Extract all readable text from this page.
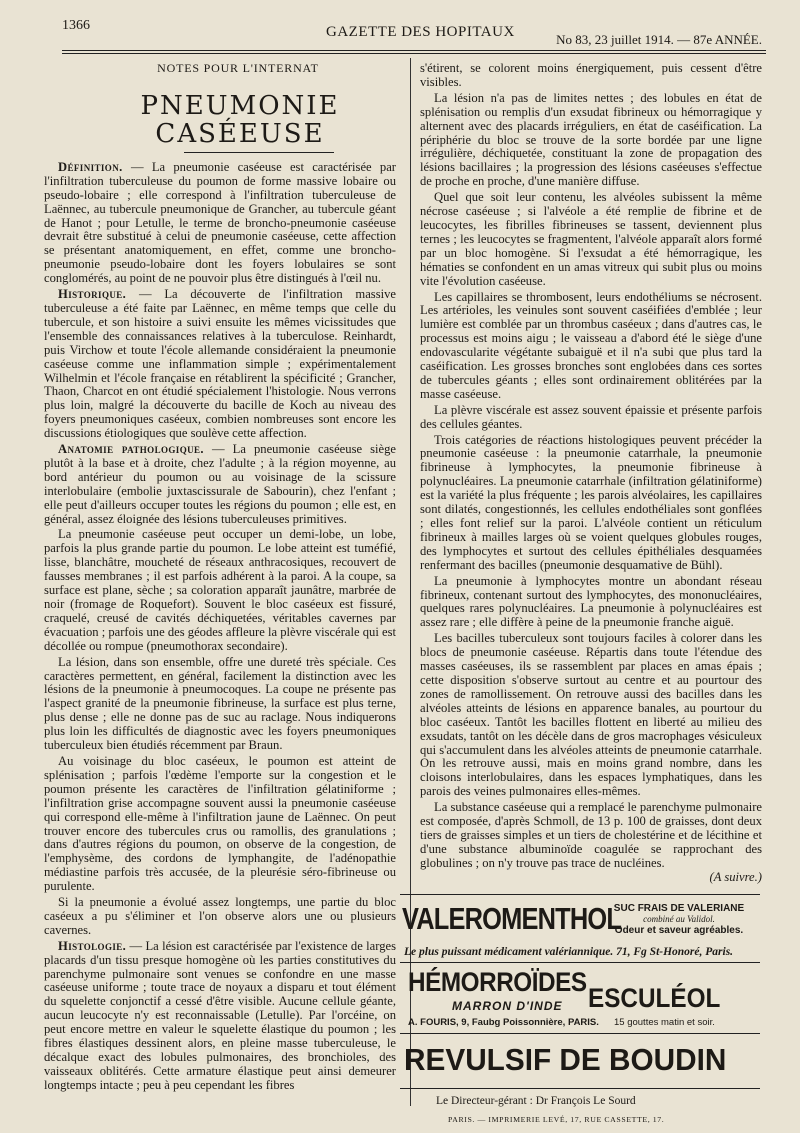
1366	GAZETTE DES HOPITAUX	No 83, 23 juillet 1914. — 87e ANNÉE.
NOTES POUR L'INTERNAT
PNEUMONIE CASÉEUSE

Définition. — La pneumonie caséeuse est caractérisée par l'infiltration tuberculeuse du poumon de forme massive lobaire ou pseudo-lobaire ; elle correspond à l'infiltration tuberculeuse de Laënnec, au tubercule pneumonique de Grancher, au tubercule géant de Hanot ; pour Letulle, le terme de broncho-pneumonie caséeuse devrait être substitué à celui de pneumonie caséeuse, cette affection se présentant anatomiquement, en effet, comme une broncho-pneumonie pseudo-lobaire dont les foyers lobulaires se sont conglomérés, au point de ne pouvoir plus être distingués à l'œil nu.

Historique. — La découverte de l'infiltration massive tuberculeuse a été faite par Laënnec, en même temps que celle du tubercule, et son histoire a suivi ensuite les mêmes vicissitudes que l'ensemble des connaissances relatives à la tuberculose. Reinhardt, puis Virchow et toute l'école allemande considéraient la pneumonie caséeuse comme une inflammation simple ; expérimentalement Wilhelmin et l'école française en rétablirent la spécificité ; Grancher, Thaon, Charcot en ont étudié spécialement l'histologie. Nous verrons plus loin, malgré la découverte du bacille de Koch au niveau des foyers pneumoniques caséeux, combien nombreuses sont encore les discussions étiologiques que soulève cette affection.

Anatomie pathologique. — La pneumonie caséeuse siège plutôt à la base et à droite, chez l'adulte ; à la région moyenne, au bord antérieur du poumon ou au voisinage de la scissure interlobulaire (embolie juxtascissurale de Sabourin), chez l'enfant ; elle peut d'ailleurs occuper toutes les régions du poumon ; elle est, en général, assez éloignée des lésions tuberculeuses primitives.

La pneumonie caséeuse peut occuper un demi-lobe, un lobe, parfois la plus grande partie du poumon. Le lobe atteint est tuméfié, lisse, blanchâtre, moucheté de réseaux anthracosiques, recouvert de fausses membranes ; il est parfois adhérent à la paroi. A la coupe, sa surface est plane, sèche ; sa coloration apparaît jaunâtre, marbrée de noir (fromage de Roquefort). Souvent le bloc caséeux est fissuré, craquelé, creusé de cavités déchiquetées, véritables cavernes par évacuation ; parfois une des géodes affleure la plèvre viscérale qui est décollée ou rompue (pneumothorax secondaire).

La lésion, dans son ensemble, offre une dureté très spéciale. Ces caractères permettent, en général, facilement la distinction avec les lésions de la pneumonie à pneumocoques. La coupe ne présente pas l'aspect granité de la pneumonie fibrineuse, la surface est plus terne, plus dense ; elle ne donne pas de suc au raclage. Nous indiquerons plus loin les difficultés de diagnostic avec les foyers pneumoniques tuberculeux bien étudiés récemment par Braun.

Au voisinage du bloc caséeux, le poumon est atteint de splénisation ; parfois l'œdème l'emporte sur la congestion et le poumon présente les caractères de l'infiltration gélatiniforme ; l'infiltration grise accompagne souvent aussi la pneumonie caséeuse qui correspond elle-même à l'infiltration jaune de Laënnec. On peut trouver encore des tubercules crus ou ramollis, des granulations ; dans d'autres régions du poumon, on observe de la congestion, de l'emphysème, des cordons de lymphangite, de l'adénopathie médiastine parfois très accusée, de la pleurésie séro-fibrineuse ou purulente.

Si la pneumonie a évolué assez longtemps, une partie du bloc caséeux a pu s'éliminer et l'on observe alors une ou plusieurs cavernes.

Histologie. — La lésion est caractérisée par l'existence de larges placards d'un tissu presque homogène où les parties constitutives du parenchyme pulmonaire sont venues se confondre en une masse caséeuse uniforme ; toute trace de noyaux a disparu et tout élément du squelette conjonctif a cessé d'être visible. Aucune cellule géante, aucun leucocyte n'y est reconnaissable (Letulle). Par l'orcéine, on peut encore mettre en valeur le squelette élastique du poumon ; les fibres élastiques dessinent alors, en pleine masse tuberculeuse, le décalque exact des lobules pulmonaires, des bronchioles, des vaisseaux oblitérés. Cette armature élastique peut ainsi demeurer longtemps intacte ; peu à peu cependant les fibres

s'étirent, se colorent moins énergiquement, puis cessent d'être visibles.

La lésion n'a pas de limites nettes ; des lobules en état de splénisation ou remplis d'un exsudat fibrineux ou hémorragique y alternent avec des placards irréguliers, en état de caséification. La périphérie du bloc se trouve de la sorte bordée par une ligne irrégulière, déchiquetée, constituant la zone de propagation des lésions bacillaires ; la progression des lésions caséeuses s'effectue de proche en proche, d'une manière diffuse.

Quel que soit leur contenu, les alvéoles subissent la même nécrose caséeuse ; si l'alvéole a été remplie de fibrine et de leucocytes, les fibrilles fibrineuses se tassent, deviennent plus ternes ; les leucocytes se fragmentent, l'alvéole apparaît alors formé par un bloc homogène. Si l'exsudat a été hémorragique, les hématies se confondent en un amas vitreux qui subit plus ou moins vite l'évolution caséeuse.

Les capillaires se thrombosent, leurs endothéliums se nécrosent. Les artérioles, les veinules sont souvent caséifiées d'emblée ; leur lumière est comblée par un thrombus caséeux ; dans d'autres cas, le processus est moins aigu ; le vaisseau a d'abord été le siège d'une endovascularite végétante subaiguë et il n'a subi que plus tard la caséification. Les grosses bronches sont englobées dans ces sortes de tubercules géants ; elles sont ordinairement oblitérées par la masse caséeuse.

La plèvre viscérale est assez souvent épaissie et présente parfois des cellules géantes.

Trois catégories de réactions histologiques peuvent précéder la pneumonie caséeuse : la pneumonie catarrhale, la pneumonie fibrineuse à lymphocytes, la pneumonie fibrineuse à polynucléaires. La pneumonie catarrhale (infiltration gélatiniforme) est la variété la plus fréquente ; les parois alvéolaires, les capillaires sont dilatés, congestionnés, les cellules endothéliales sont gonflées ; elles font relief sur la paroi. L'alvéole contient un réticulum fibrineux à mailles larges où se voient quelques globules rouges, des lymphocytes et surtout des cellules épithéliales desquamées renfermant des bacilles (pneumonie desquamative de Bühl).

La pneumonie à lymphocytes montre un abondant réseau fibrineux, contenant surtout des lymphocytes, des mononucléaires, quelques rares polynucléaires. La pneumonie à polynucléaires est assez rare ; elle diffère à peine de la pneumonie franche aiguë.

Les bacilles tuberculeux sont toujours faciles à colorer dans les blocs de pneumonie caséeuse. Répartis dans toute l'étendue des masses caséeuses, ils se rassemblent par places en amas épais ; cette disposition s'observe surtout au centre et au pourtour des zones de ramollissement. On retrouve aussi des bacilles dans les alvéoles atteints de lésions en apparence banales, au pourtour du bloc caséeux. Tantôt les bacilles flottent en liberté au milieu des exsudats, tantôt on les décèle dans de gros macrophages vésiculeux qui s'accumulent dans les alvéoles atteints de pneumonie catarrhale. On les retrouve aussi, mais en moins grand nombre, dans les cloisons interlobulaires, dans les espaces lymphatiques, dans les parois des veines pulmonaires elles-mêmes.

La substance caséeuse qui a remplacé le parenchyme pulmonaire est composée, d'après Schmoll, de 13 p. 100 de graisses, dont deux tiers de graisses simples et un tiers de cholestérine et de lécithine et d'une substance albuminoïde coagulée se rapprochant des globulines ; on n'y trouve pas trace de nucléines.

(A suivre.)
VALEROMENTHOL
SUC FRAIS DE VALERIANE
combiné au Validol.
Odeur et saveur agréables.
Le plus puissant médicament valériannique. 71, Fg St-Honoré, Paris.
HÉMORROÏDES
MARRON D'INDE ESCULÉOL
A. FOURIS, 9, Faubg Poissonnière, PARIS. 15 gouttes matin et soir.
REVULSIF DE BOUDIN
Le Directeur-gérant : Dr François Le Sourd
PARIS. — IMPRIMERIE LEVÉ, 17, RUE CASSETTE, 17.
